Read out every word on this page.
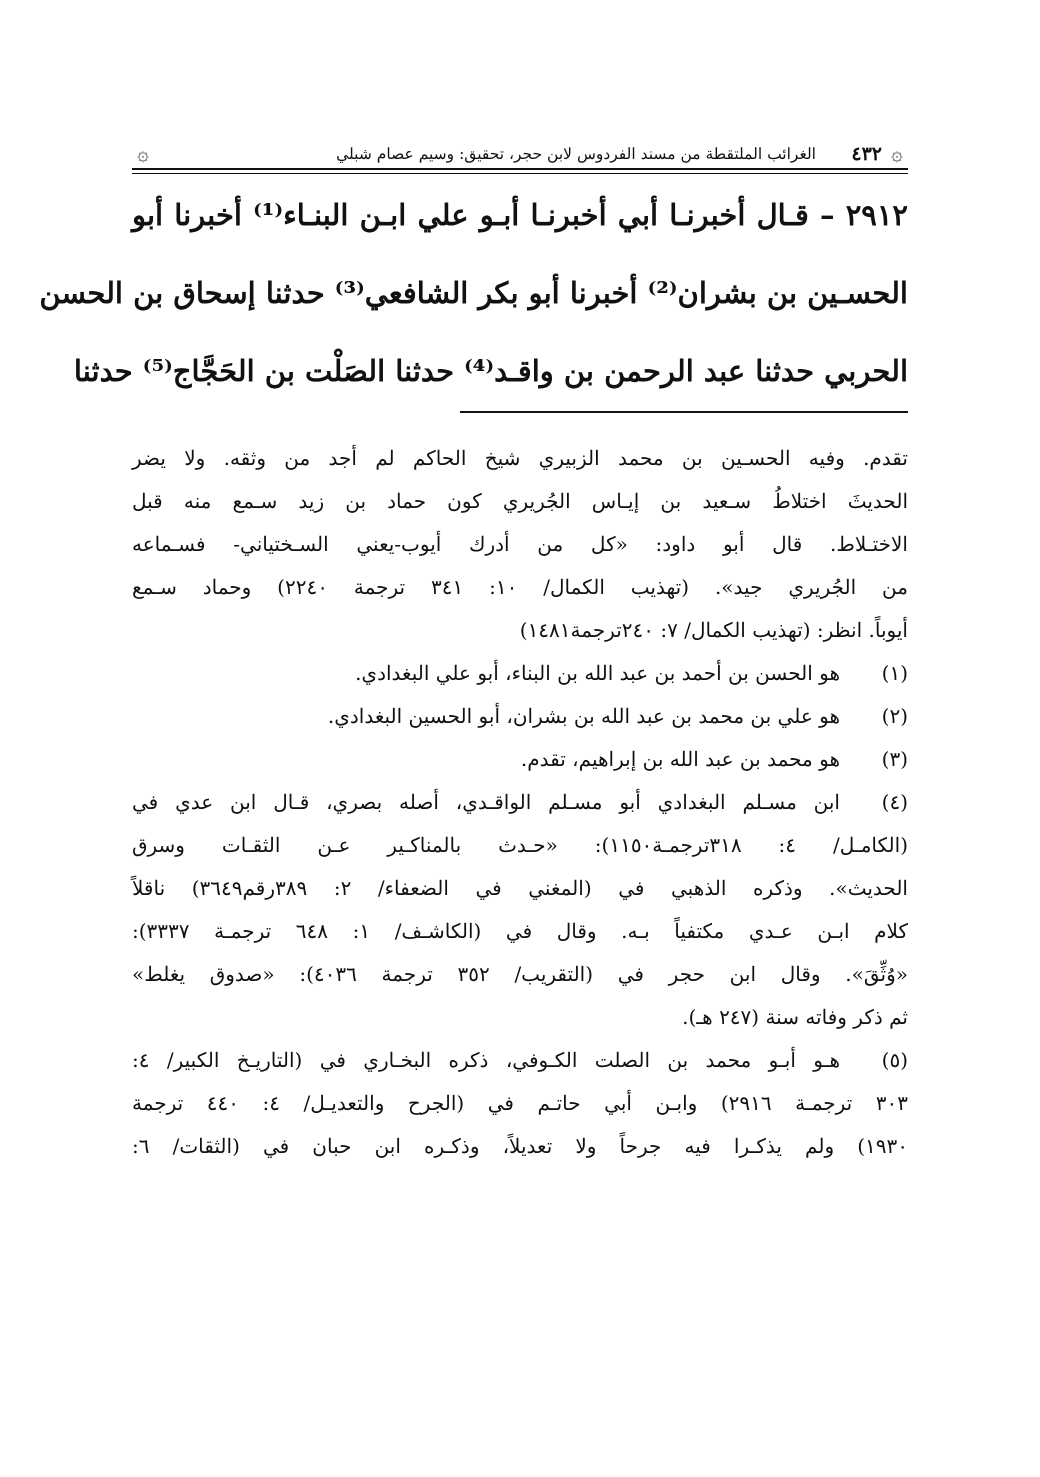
۞
٤٣٢
الغرائب الملتقطة من مسند الفردوس لابن حجر، تحقيق: وسيم عصام شبلي
۞
٢٩١٢ – قـال أخبرنـا أبي أخبرنـا أبـو علي ابـن البنـاء⁽¹⁾ أخبرنا أبو
الحسـين بن بشران⁽²⁾ أخبرنا أبو بكر الشافعي⁽³⁾ حدثنا إسحاق بن الحسن
الحربي حدثنا عبد الرحمن بن واقـد⁽⁴⁾ حدثنا الصَلْت بن الحَجَّاج⁽⁵⁾ حدثنا
تقدم. وفيه الحسـين بن محمد الزبيري شيخ الحاكم لم أجد من وثقه. ولا يضر
الحديثَ اختلاطُ سـعيد بن إيـاس الجُريري كون حماد بن زيد سـمع منه قبل
الاختـلاط. قال أبو داود: «كل من أدرك أيوب-يعني السـختياني- فسـماعه
من الجُريري جيد». (تهذيب الكمال/ ١٠: ٣٤١ ترجمة ٢٢٤٠) وحماد سـمع
أيوباً. انظر: (تهذيب الكمال/ ٧: ٢٤٠ترجمة١٤٨١)
(١)
هو الحسن بن أحمد بن عبد الله بن البناء، أبو علي البغدادي.
(٢)
هو علي بن محمد بن عبد الله بن بشران، أبو الحسين البغدادي.
(٣)
هو محمد بن عبد الله بن إبراهيم، تقدم.
(٤)
ابن مسـلم البغدادي أبو مسـلم الواقـدي، أصله بصري، قـال ابن عدي في
(الكامـل/ ٤: ٣١٨ترجمـة١١٥٠): «حـدث بالمناكـير عـن الثقـات وسرق
الحديث». وذكره الذهبي في (المغني في الضعفاء/ ٢: ٣٨٩رقم٣٦٤٩) ناقلاً
كلام ابـن عـدي مكتفياً بـه. وقال في (الكاشـف/ ١: ٦٤٨ ترجمـة ٣٣٣٧):
«وُثِّقَ». وقال ابن حجر في (التقريب/ ٣٥٢ ترجمة ٤٠٣٦): «صدوق يغلط»
ثم ذكر وفاته سنة (٢٤٧ هـ).
(٥)
هـو أبـو محمد بن الصلت الكـوفي، ذكره البخـاري في (التاريـخ الكبير/ ٤:
٣٠٣ ترجمـة ٢٩١٦) وابـن أبي حاتـم في (الجرح والتعديـل/ ٤: ٤٤٠ ترجمة
١٩٣٠) ولم يذكـرا فيه جرحاً ولا تعديلاً، وذكـره ابن حبان في (الثقات/ ٦:
